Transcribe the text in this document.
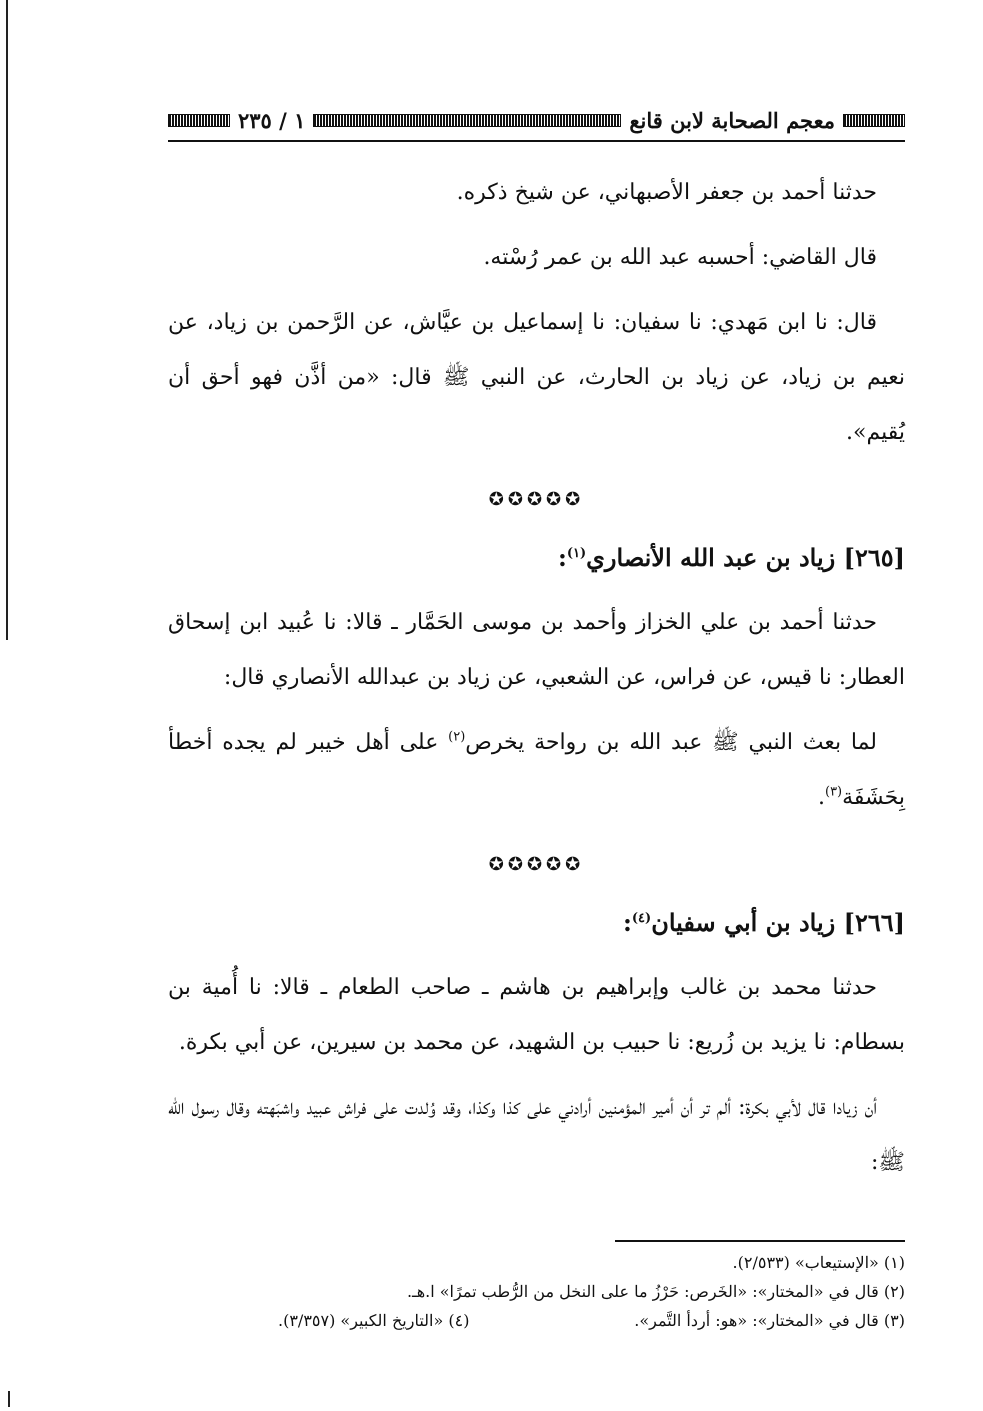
معجم الصحابة لابن قانع
١ / ٢٣٥

حدثنا أحمد بن جعفر الأصبهاني، عن شيخ ذكره.

قال القاضي: أحسبه عبد الله بن عمر رُسْته.

قال: نا ابن مَهدي: نا سفيان: نا إسماعيل بن عيَّاش، عن الرَّحمن بن زياد، عن نعيم بن زياد، عن زياد بن الحارث، عن النبي ﷺ قال: «من أذَّن فهو أحق أن يُقيم».

✪✪✪✪✪
[٢٦٥] زياد بن عبد الله الأنصاري$^{(١)}$:

حدثنا أحمد بن علي الخزاز وأحمد بن موسى الحَمَّار ـ قالا: نا عُبيد ابن إسحاق العطار: نا قيس، عن فراس، عن الشعبي، عن زياد بن عبدالله الأنصاري قال:

لما بعث النبي ﷺ عبد الله بن رواحة يخرص$^{(٢)}$ على أهل خيبر لم يجده أخطأ بِحَشَفَة$^{(٣)}$.

✪✪✪✪✪
[٢٦٦] زياد بن أبي سفيان$^{(٤)}$:

حدثنا محمد بن غالب وإبراهيم بن هاشم ـ صاحب الطعام ـ قالا: نا أُمية بن بسطام: نا يزيد بن زُريع: نا حبيب بن الشهيد، عن محمد بن سيرين، عن أبي بكرة.

أن زيادا قال لأبي بكرة: ألم تر أن أمير المؤمنين أرادني على كذا وكذا، وقد وُلدت على فراش عبيد واشبَهته وقال رسول الله ﷺ:

(١) «الإستيعاب» (٢/٥٣٣).
(٢) قال في «المختار»: «الخَرص: حَرْزُ ما على النخل من الرُّطب تمرًا» ا.هـ.
(٣) قال في «المختار»: «هو: أردأ التَّمر».
(٤) «التاريخ الكبير» (٣/٣٥٧).
